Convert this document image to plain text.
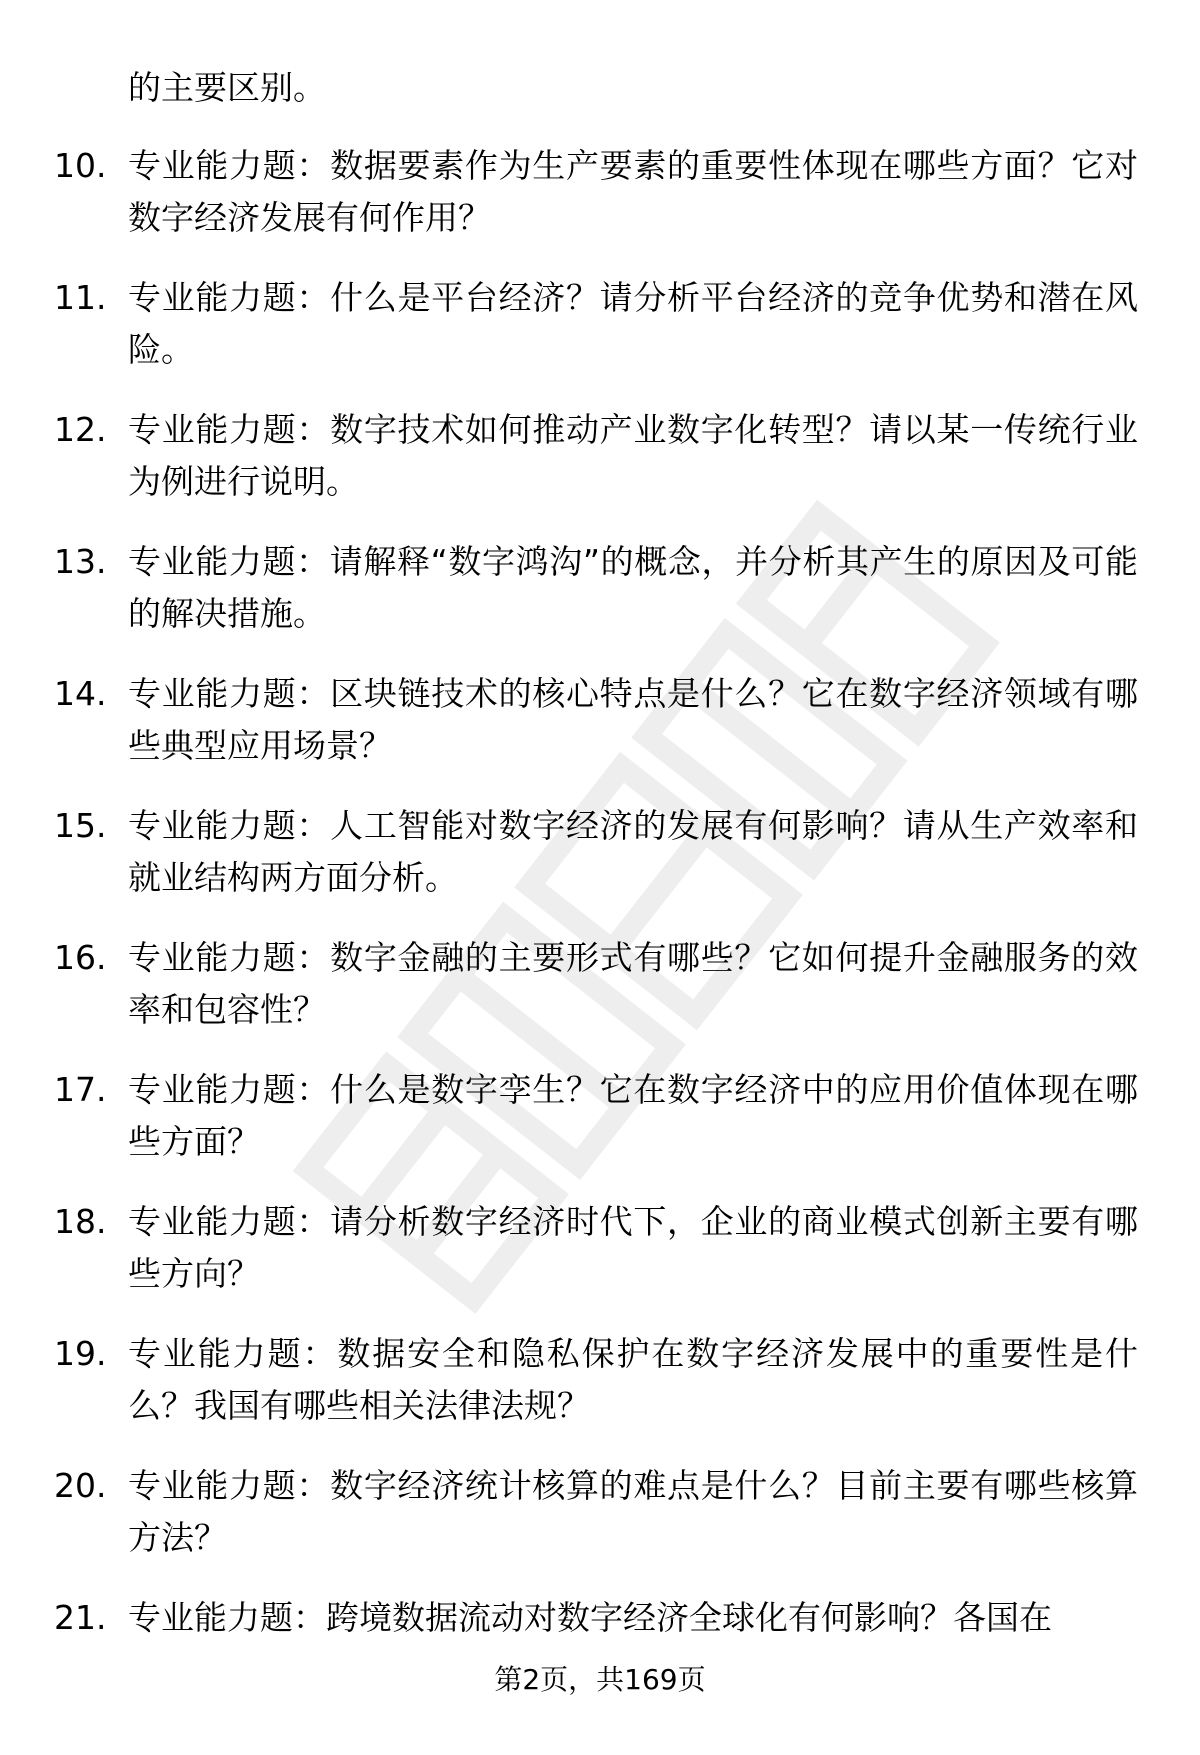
的主要区别。
10. 专业能力题：数据要素作为生产要素的重要性体现在哪些方面？它对数字经济发展有何作用？
11. 专业能力题：什么是平台经济？请分析平台经济的竞争优势和潜在风险。
12. 专业能力题：数字技术如何推动产业数字化转型？请以某一传统行业为例进行说明。
13. 专业能力题：请解释“数字鸿沟”的概念，并分析其产生的原因及可能的解决措施。
14. 专业能力题：区块链技术的核心特点是什么？它在数字经济领域有哪些典型应用场景？
15. 专业能力题：人工智能对数字经济的发展有何影响？请从生产效率和就业结构两方面分析。
16. 专业能力题：数字金融的主要形式有哪些？它如何提升金融服务的效率和包容性？
17. 专业能力题：什么是数字孪生？它在数字经济中的应用价值体现在哪些方面？
18. 专业能力题：请分析数字经济时代下，企业的商业模式创新主要有哪些方向？
19. 专业能力题：数据安全和隐私保护在数字经济发展中的重要性是什么？我国有哪些相关法律法规？
20. 专业能力题：数字经济统计核算的难点是什么？目前主要有哪些核算方法？
21. 专业能力题：跨境数据流动对数字经济全球化有何影响？各国在
第2页，共169页
